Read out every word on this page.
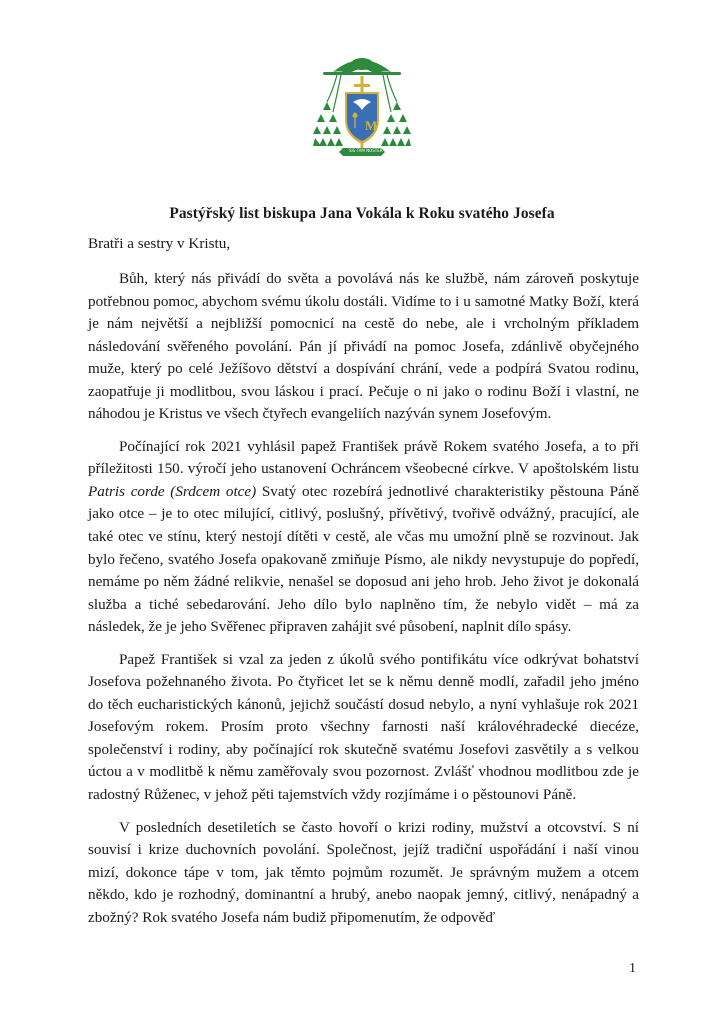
M
SIS TAM NOSTER
Pastýřský list biskupa Jana Vokála k Roku svatého Josefa
Bratři a sestry v Kristu,

Bůh, který nás přivádí do světa a povolává nás ke službě, nám zároveň poskytuje potřebnou pomoc, abychom svému úkolu dostáli. Vidíme to i u samotné Matky Boží, která je nám největší a nejbližší pomocnicí na cestě do nebe, ale i vrcholným příkladem následování svěřeného povolání. Pán jí přivádí na pomoc Josefa, zdánlivě obyčejného muže, který po celé Ježíšovo dětství a dospívání chrání, vede a podpírá Svatou rodinu, zaopatřuje ji modlitbou, svou láskou i prací. Pečuje o ni jako o rodinu Boží i vlastní, ne náhodou je Kristus ve všech čtyřech evangeliích nazýván synem Josefovým.

Počínající rok 2021 vyhlásil papež František právě Rokem svatého Josefa, a to při příležitosti 150. výročí jeho ustanovení Ochráncem všeobecné církve. V apoštolském listu Patris corde (Srdcem otce) Svatý otec rozebírá jednotlivé charakteristiky pěstouna Páně jako otce – je to otec milující, citlivý, poslušný, přívětivý, tvořivě odvážný, pracující, ale také otec ve stínu, který nestojí dítěti v cestě, ale včas mu umožní plně se rozvinout. Jak bylo řečeno, svatého Josefa opakovaně zmiňuje Písmo, ale nikdy nevystupuje do popředí, nemáme po něm žádné relikvie, nenašel se doposud ani jeho hrob. Jeho život je dokonalá služba a tiché sebedarování. Jeho dílo bylo naplněno tím, že nebylo vidět – má za následek, že je jeho Svěřenec připraven zahájit své působení, naplnit dílo spásy.

Papež František si vzal za jeden z úkolů svého pontifikátu více odkrývat bohatství Josefova požehnaného života. Po čtyřicet let se k němu denně modlí, zařadil jeho jméno do těch eucharistických kánonů, jejichž součástí dosud nebylo, a nyní vyhlašuje rok 2021 Josefovým rokem. Prosím proto všechny farnosti naší královéhradecké diecéze, společenství i rodiny, aby počínající rok skutečně svatému Josefovi zasvětily a s velkou úctou a v modlitbě k němu zaměřovaly svou pozornost. Zvlášť vhodnou modlitbou zde je radostný Růženec, v jehož pěti tajemstvích vždy rozjímáme i o pěstounovi Páně.

V posledních desetiletích se často hovoří o krizi rodiny, mužství a otcovství. S ní souvisí i krize duchovních povolání. Společnost, jejíž tradiční uspořádání i naší vinou mizí, dokonce tápe v tom, jak těmto pojmům rozumět. Je správným mužem a otcem někdo, kdo je rozhodný, dominantní a hrubý, anebo naopak jemný, citlivý, nenápadný a zbožný? Rok svatého Josefa nám budiž připomenutím, že odpověď

1
